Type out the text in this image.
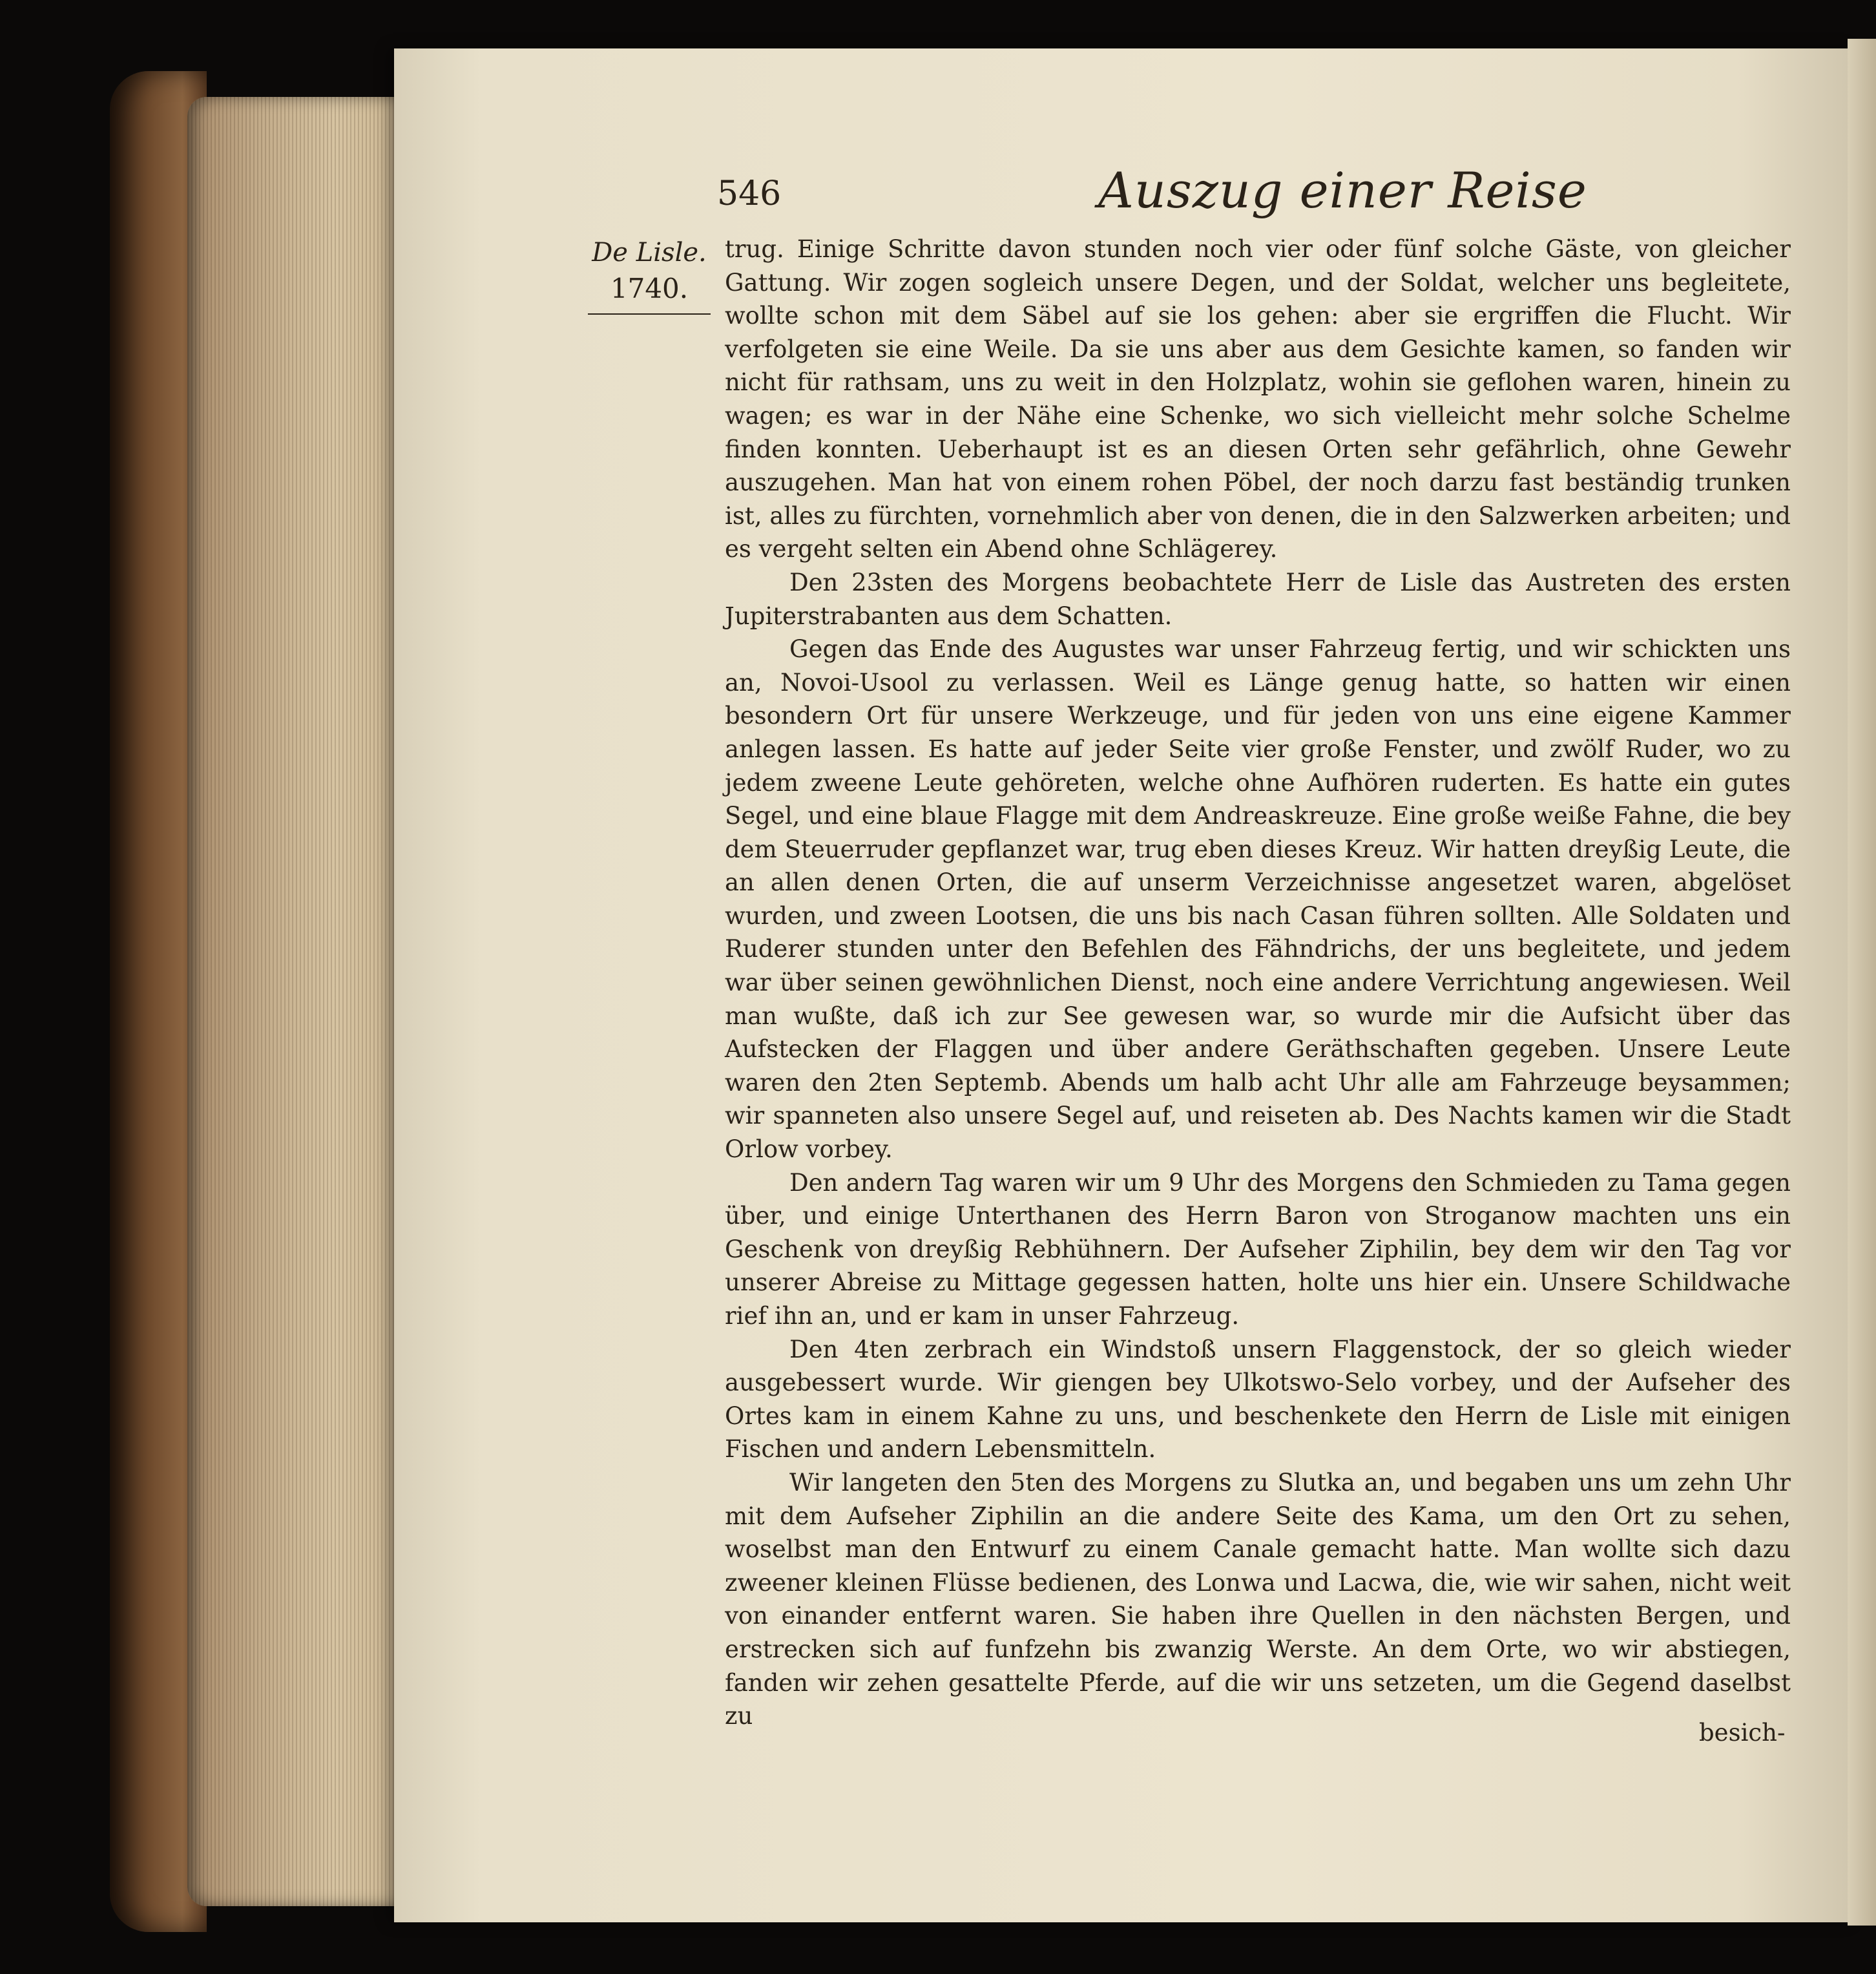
546	Auszug einer Reise
De Lisle.
1740.

trug. Einige Schritte davon stunden noch vier oder fünf solche Gäste, von gleicher Gattung. Wir zogen sogleich unsere Degen, und der Soldat, welcher uns begleitete, wollte schon mit dem Säbel auf sie los gehen: aber sie ergriffen die Flucht. Wir verfolgeten sie eine Weile. Da sie uns aber aus dem Gesichte kamen, so fanden wir nicht für rathsam, uns zu weit in den Holzplatz, wohin sie geflohen waren, hinein zu wagen; es war in der Nähe eine Schenke, wo sich vielleicht mehr solche Schelme finden konnten. Ueberhaupt ist es an diesen Orten sehr gefährlich, ohne Gewehr auszugehen. Man hat von einem rohen Pöbel, der noch darzu fast beständig trunken ist, alles zu fürchten, vornehmlich aber von denen, die in den Salzwerken arbeiten; und es vergeht selten ein Abend ohne Schlägerey.

Den 23sten des Morgens beobachtete Herr de Lisle das Austreten des ersten Jupiterstrabanten aus dem Schatten.

Gegen das Ende des Augustes war unser Fahrzeug fertig, und wir schickten uns an, Novoi-Usool zu verlassen. Weil es Länge genug hatte, so hatten wir einen besondern Ort für unsere Werkzeuge, und für jeden von uns eine eigene Kammer anlegen lassen. Es hatte auf jeder Seite vier große Fenster, und zwölf Ruder, wo zu jedem zweene Leute gehöreten, welche ohne Aufhören ruderten. Es hatte ein gutes Segel, und eine blaue Flagge mit dem Andreaskreuze. Eine große weiße Fahne, die bey dem Steuerruder gepflanzet war, trug eben dieses Kreuz. Wir hatten dreyßig Leute, die an allen denen Orten, die auf unserm Verzeichnisse angesetzet waren, abgelöset wurden, und zween Lootsen, die uns bis nach Casan führen sollten. Alle Soldaten und Ruderer stunden unter den Befehlen des Fähndrichs, der uns begleitete, und jedem war über seinen gewöhnlichen Dienst, noch eine andere Verrichtung angewiesen. Weil man wußte, daß ich zur See gewesen war, so wurde mir die Aufsicht über das Aufstecken der Flaggen und über andere Geräthschaften gegeben. Unsere Leute waren den 2ten Septemb. Abends um halb acht Uhr alle am Fahrzeuge beysammen; wir spanneten also unsere Segel auf, und reiseten ab. Des Nachts kamen wir die Stadt Orlow vorbey.

Den andern Tag waren wir um 9 Uhr des Morgens den Schmieden zu Tama gegen über, und einige Unterthanen des Herrn Baron von Stroganow machten uns ein Geschenk von dreyßig Rebhühnern. Der Aufseher Ziphilin, bey dem wir den Tag vor unserer Abreise zu Mittage gegessen hatten, holte uns hier ein. Unsere Schildwache rief ihn an, und er kam in unser Fahrzeug.

Den 4ten zerbrach ein Windstoß unsern Flaggenstock, der so gleich wieder ausgebessert wurde. Wir giengen bey Ulkotswo-Selo vorbey, und der Aufseher des Ortes kam in einem Kahne zu uns, und beschenkete den Herrn de Lisle mit einigen Fischen und andern Lebensmitteln.

Wir langeten den 5ten des Morgens zu Slutka an, und begaben uns um zehn Uhr mit dem Aufseher Ziphilin an die andere Seite des Kama, um den Ort zu sehen, woselbst man den Entwurf zu einem Canale gemacht hatte. Man wollte sich dazu zweener kleinen Flüsse bedienen, des Lonwa und Lacwa, die, wie wir sahen, nicht weit von einander entfernt waren. Sie haben ihre Quellen in den nächsten Bergen, und erstrecken sich auf funfzehn bis zwanzig Werste. An dem Orte, wo wir abstiegen, fanden wir zehen gesattelte Pferde, auf die wir uns setzeten, um die Gegend daselbst zu

besich-
